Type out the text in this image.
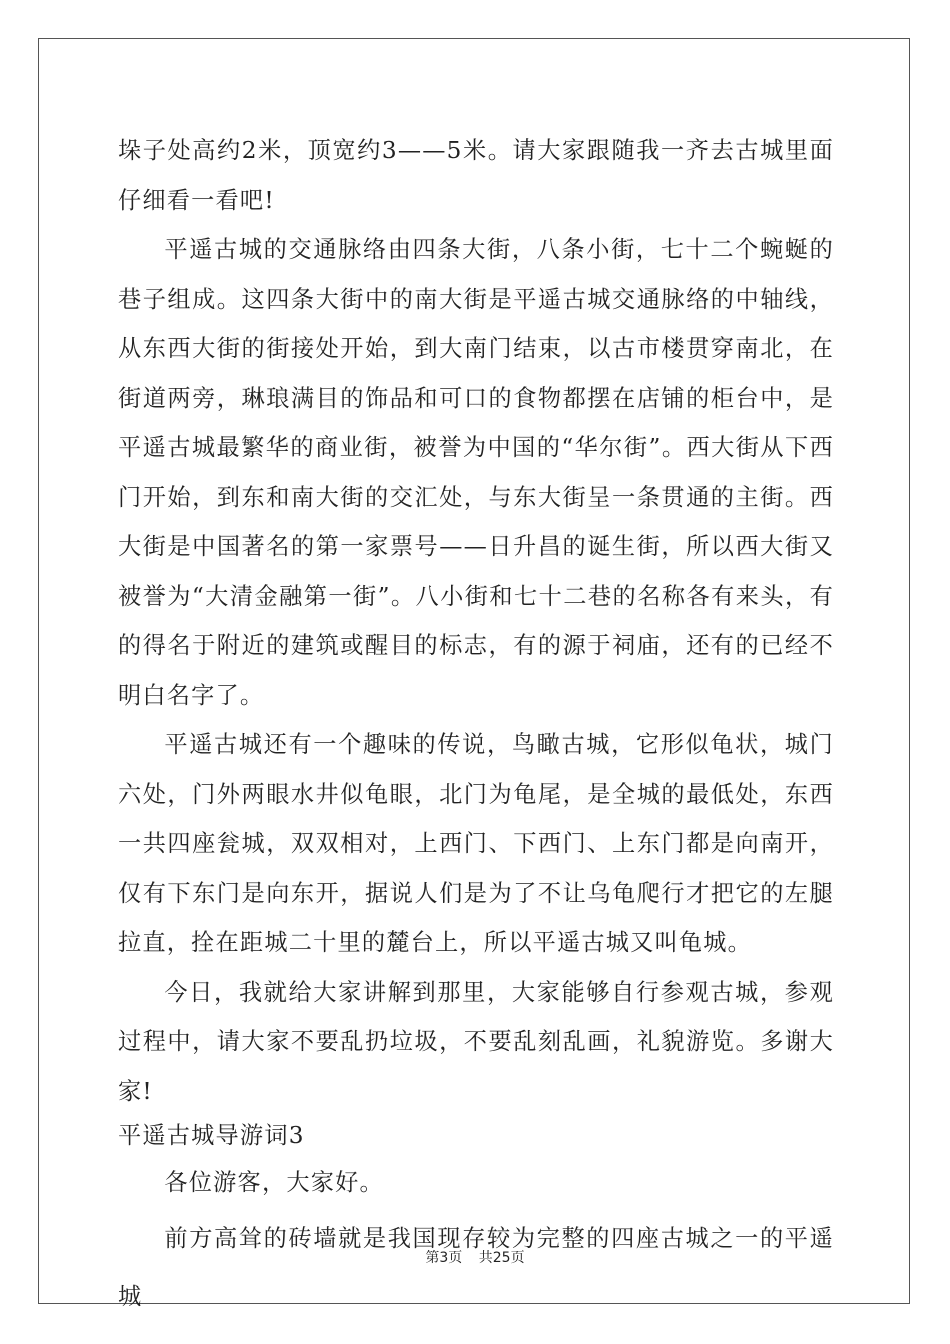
垛子处高约2米，顶宽约3——5米。请大家跟随我一齐去古城里面仔细看一看吧!
平遥古城的交通脉络由四条大街，八条小街，七十二个蜿蜒的巷子组成。这四条大街中的南大街是平遥古城交通脉络的中轴线，从东西大街的街接处开始，到大南门结束，以古市楼贯穿南北，在街道两旁，琳琅满目的饰品和可口的食物都摆在店铺的柜台中，是平遥古城最繁华的商业街，被誉为中国的“华尔街”。西大街从下西门开始，到东和南大街的交汇处，与东大街呈一条贯通的主街。西大街是中国著名的第一家票号——日升昌的诞生街，所以西大街又被誉为“大清金融第一街”。八小街和七十二巷的名称各有来头，有的得名于附近的建筑或醒目的标志，有的源于祠庙，还有的已经不明白名字了。
平遥古城还有一个趣味的传说，鸟瞰古城，它形似龟状，城门六处，门外两眼水井似龟眼，北门为龟尾，是全城的最低处，东西一共四座瓮城，双双相对，上西门、下西门、上东门都是向南开，仅有下东门是向东开，据说人们是为了不让乌龟爬行才把它的左腿拉直，拴在距城二十里的麓台上，所以平遥古城又叫龟城。
今日，我就给大家讲解到那里，大家能够自行参观古城，参观过程中，请大家不要乱扔垃圾，不要乱刻乱画，礼貌游览。多谢大家!
平遥古城导游词3
各位游客，大家好。
前方高耸的砖墙就是我国现存较为完整的四座古城之一的平遥城
第3页 共25页
